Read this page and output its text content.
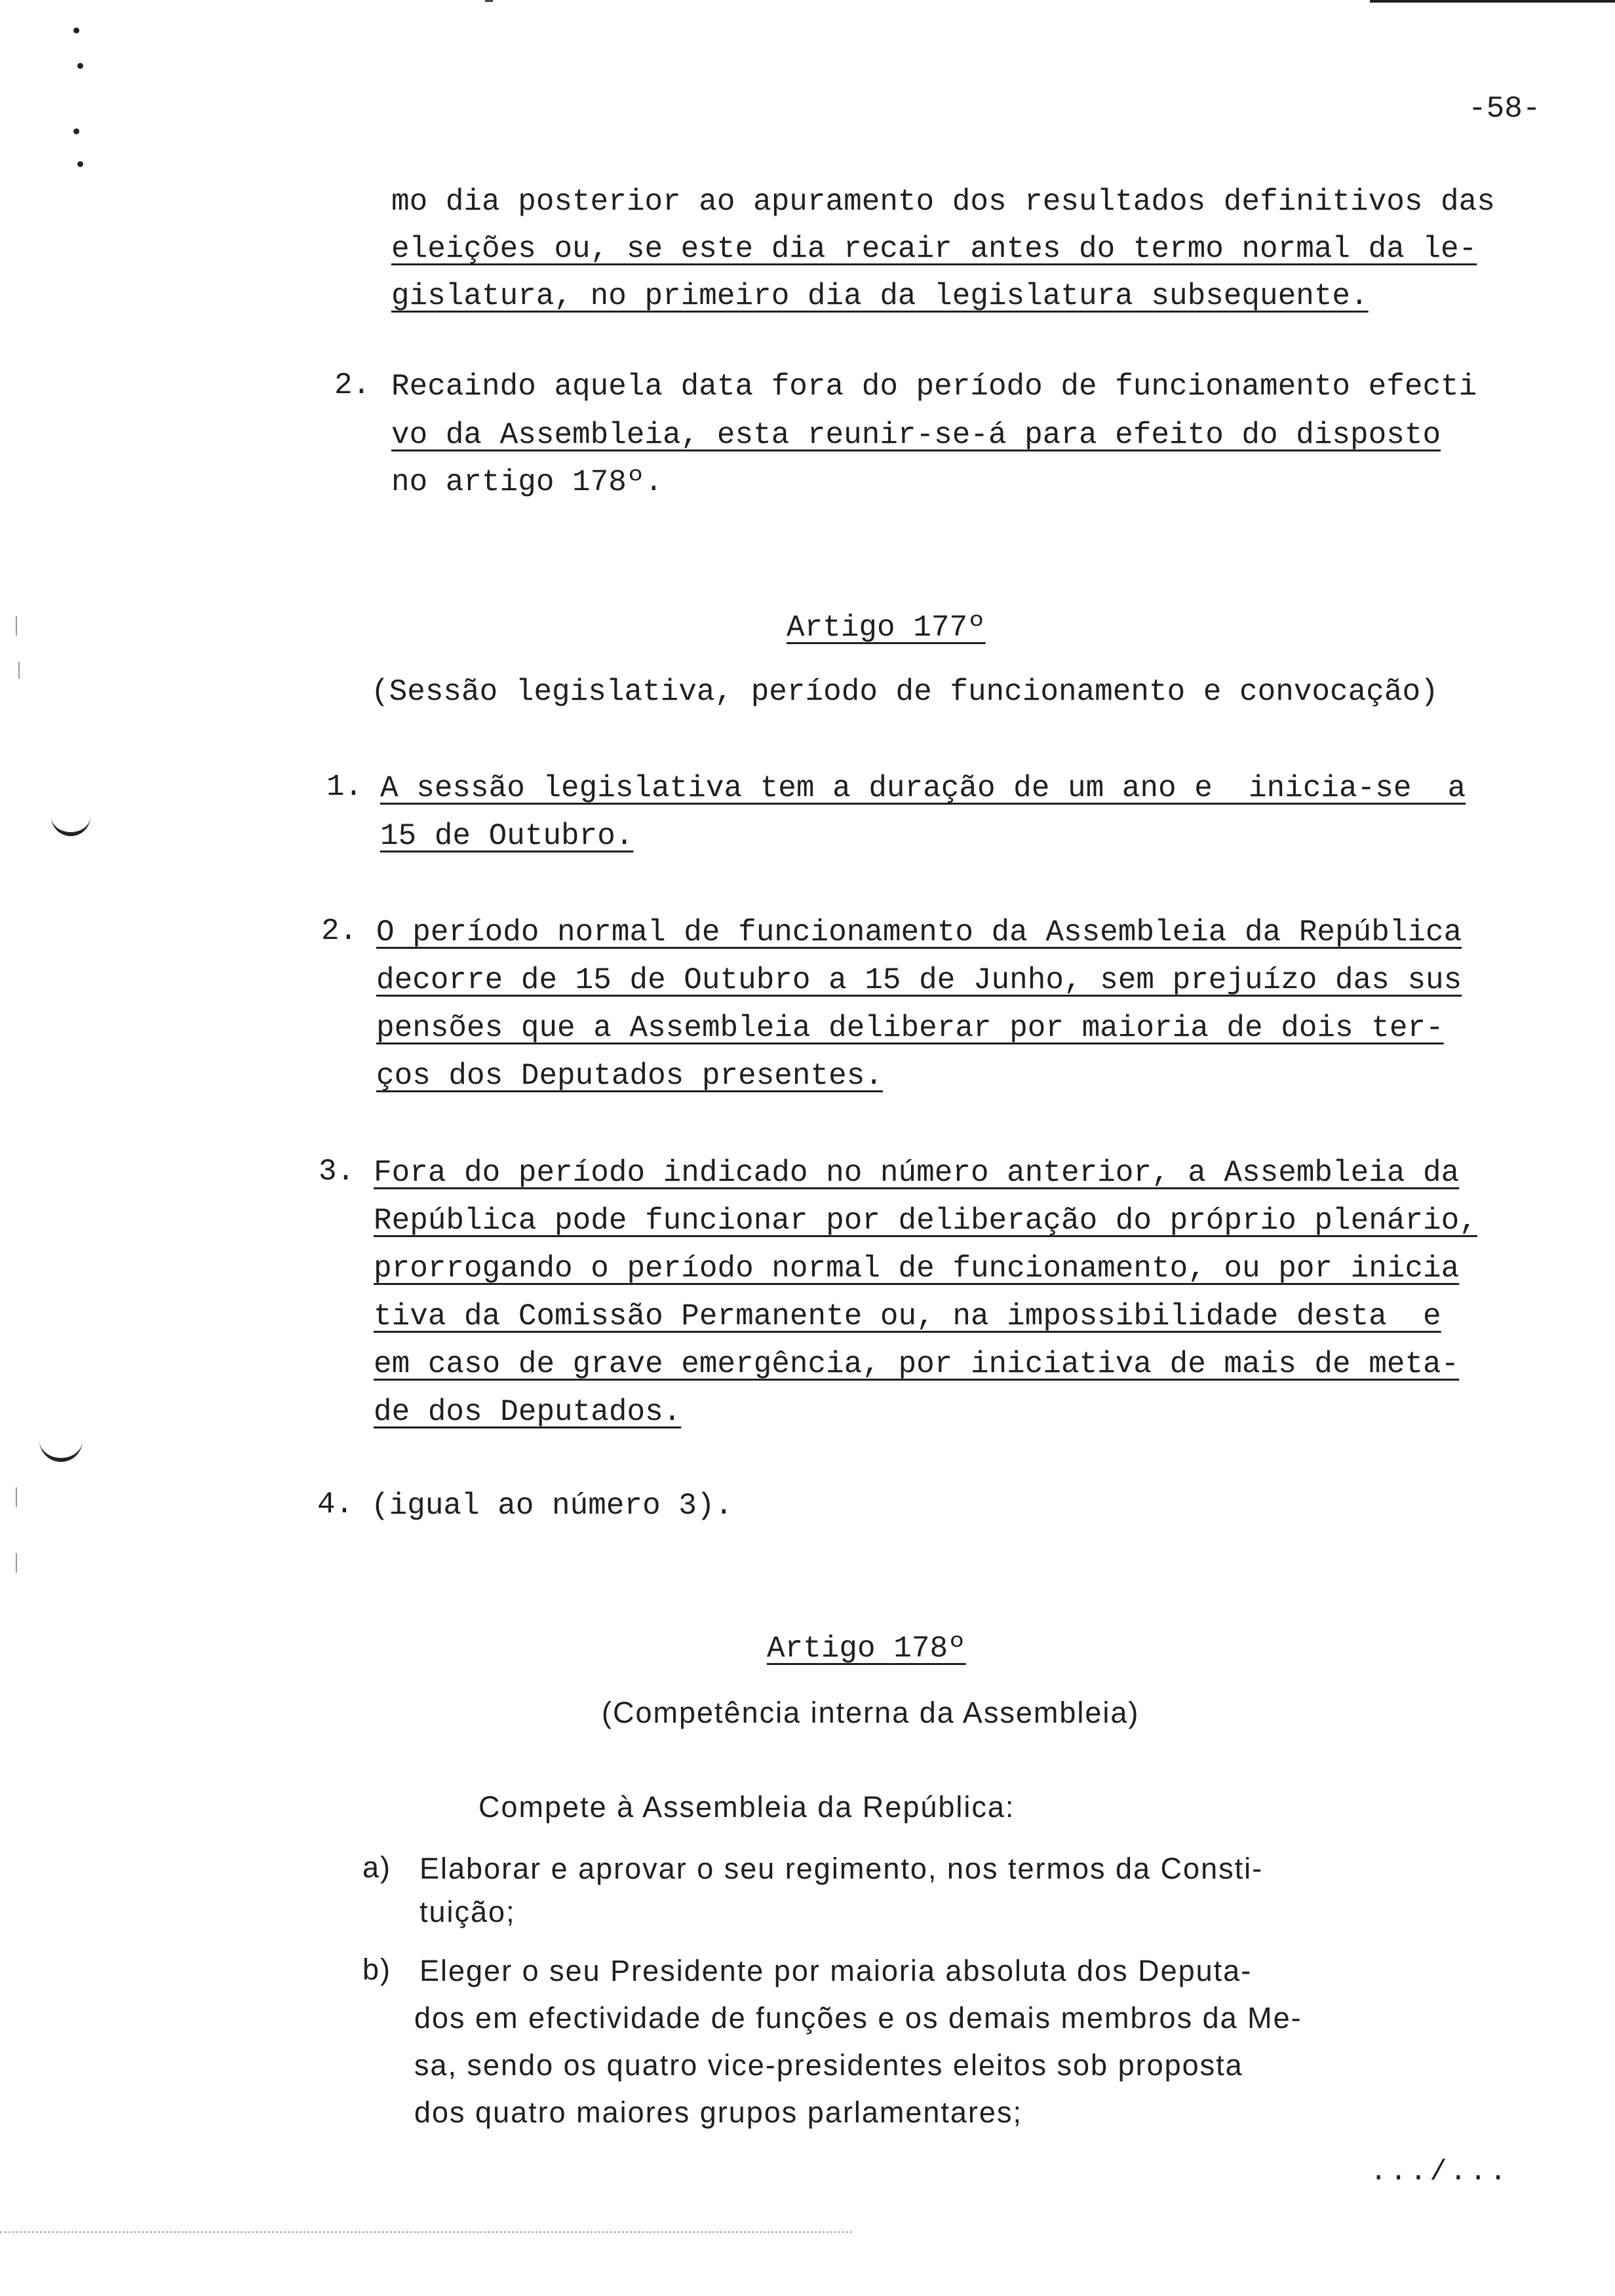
-58-
mo dia posterior ao apuramento dos resultados definitivos das
eleições ou, se este dia recair antes do termo normal da le-
gislatura, no primeiro dia da legislatura subsequente.
2. Recaindo aquela data fora do período de funcionamento efecti
vo da Assembleia, esta reunir-se-á para efeito do disposto
no artigo 178º.
Artigo 177º
(Sessão legislativa, período de funcionamento e convocação)
1. A sessão legislativa tem a duração de um ano e  inicia-se  a
15 de Outubro.
2. O período normal de funcionamento da Assembleia da República
decorre de 15 de Outubro a 15 de Junho, sem prejuízo das sus
pensões que a Assembleia deliberar por maioria de dois ter-
ços dos Deputados presentes.
3. Fora do período indicado no número anterior, a Assembleia da
República pode funcionar por deliberação do próprio plenário,
prorrogando o período normal de funcionamento, ou por inicia
tiva da Comissão Permanente ou, na impossibilidade desta  e
em caso de grave emergência, por iniciativa de mais de meta-
de dos Deputados.
4. (igual ao número 3).
Artigo 178º
(Competência interna da Assembleia)
Compete à Assembleia da República:
a) Elaborar e aprovar o seu regimento, nos termos da Consti-
tuição;
b) Eleger o seu Presidente por maioria absoluta dos Deputa-
dos em efectividade de funções e os demais membros da Me-
sa, sendo os quatro vice-presidentes eleitos sob proposta
dos quatro maiores grupos parlamentares;
.../...
